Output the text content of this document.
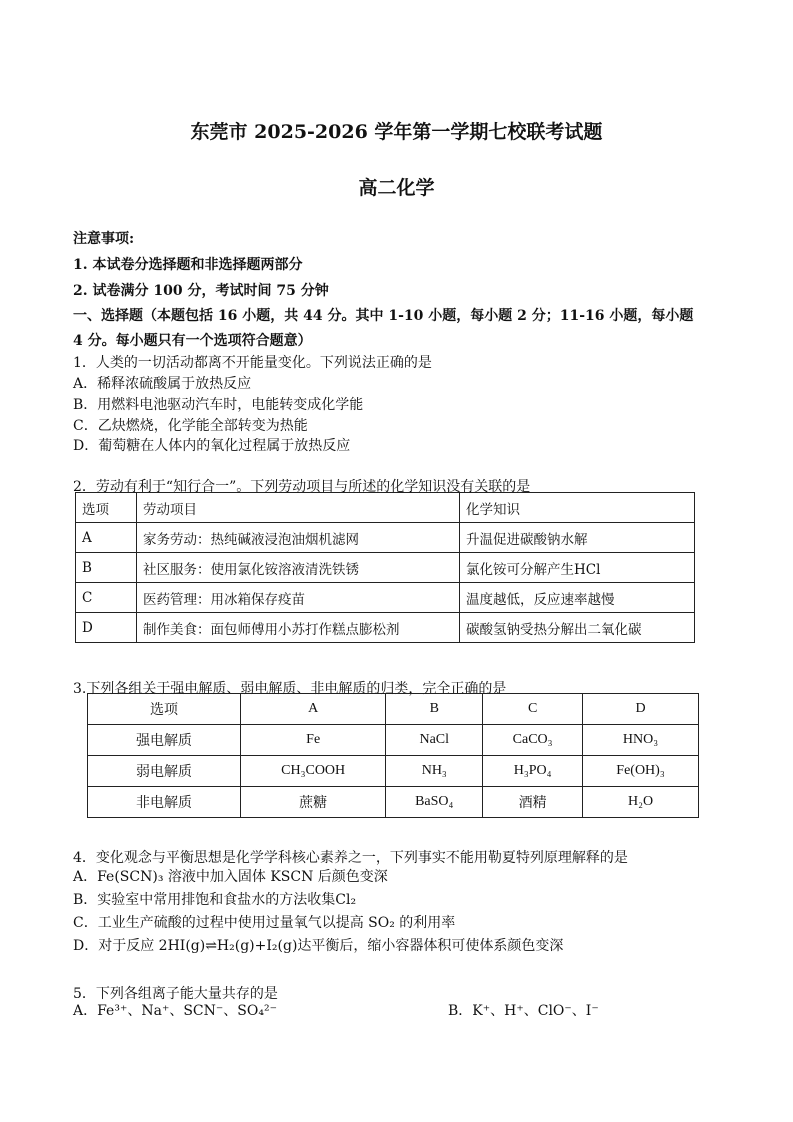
东莞市 2025-2026 学年第一学期七校联考试题
高二化学
注意事项:
1. 本试卷分选择题和非选择题两部分
2. 试卷满分 100 分，考试时间 75 分钟
一、选择题（本题包括 16 小题，共 44 分。其中 1-10 小题，每小题 2 分；11-16 小题，每小题
4 分。每小题只有一个选项符合题意）
1．人类的一切活动都离不开能量变化。下列说法正确的是
A．稀释浓硫酸属于放热反应
B．用燃料电池驱动汽车时，电能转变成化学能
C．乙炔燃烧，化学能全部转变为热能
D．葡萄糖在人体内的氧化过程属于放热反应
2．劳动有利于“知行合一”。下列劳动项目与所述的化学知识没有关联的是
选项	劳动项目	化学知识
A	家务劳动：热纯碱液浸泡油烟机滤网	升温促进碳酸钠水解
B	社区服务：使用氯化铵溶液清洗铁锈	氯化铵可分解产生HCl
C	医药管理：用冰箱保存疫苗	温度越低，反应速率越慢
D	制作美食：面包师傅用小苏打作糕点膨松剂	碳酸氢钠受热分解出二氧化碳
3.下列各组关于强电解质、弱电解质、非电解质的归类，完全正确的是
选项	A	B	C	D
强电解质	Fe	NaCl	CaCO₃	HNO₃
弱电解质	CH₃COOH	NH₃	H₃PO₄	Fe(OH)₃
非电解质	蔗糖	BaSO₄	酒精	H₂O
4．变化观念与平衡思想是化学学科核心素养之一，下列事实不能用勒夏特列原理解释的是
A．Fe(SCN)₃ 溶液中加入固体 KSCN 后颜色变深
B．实验室中常用排饱和食盐水的方法收集Cl₂
C．工业生产硫酸的过程中使用过量氧气以提高 SO₂ 的利用率
D．对于反应 2HI(g)⇌H₂(g)+I₂(g)达平衡后，缩小容器体积可使体系颜色变深
5．下列各组离子能大量共存的是
A．Fe³⁺、Na⁺、SCN⁻、SO₄²⁻	B．K⁺、H⁺、ClO⁻、I⁻
